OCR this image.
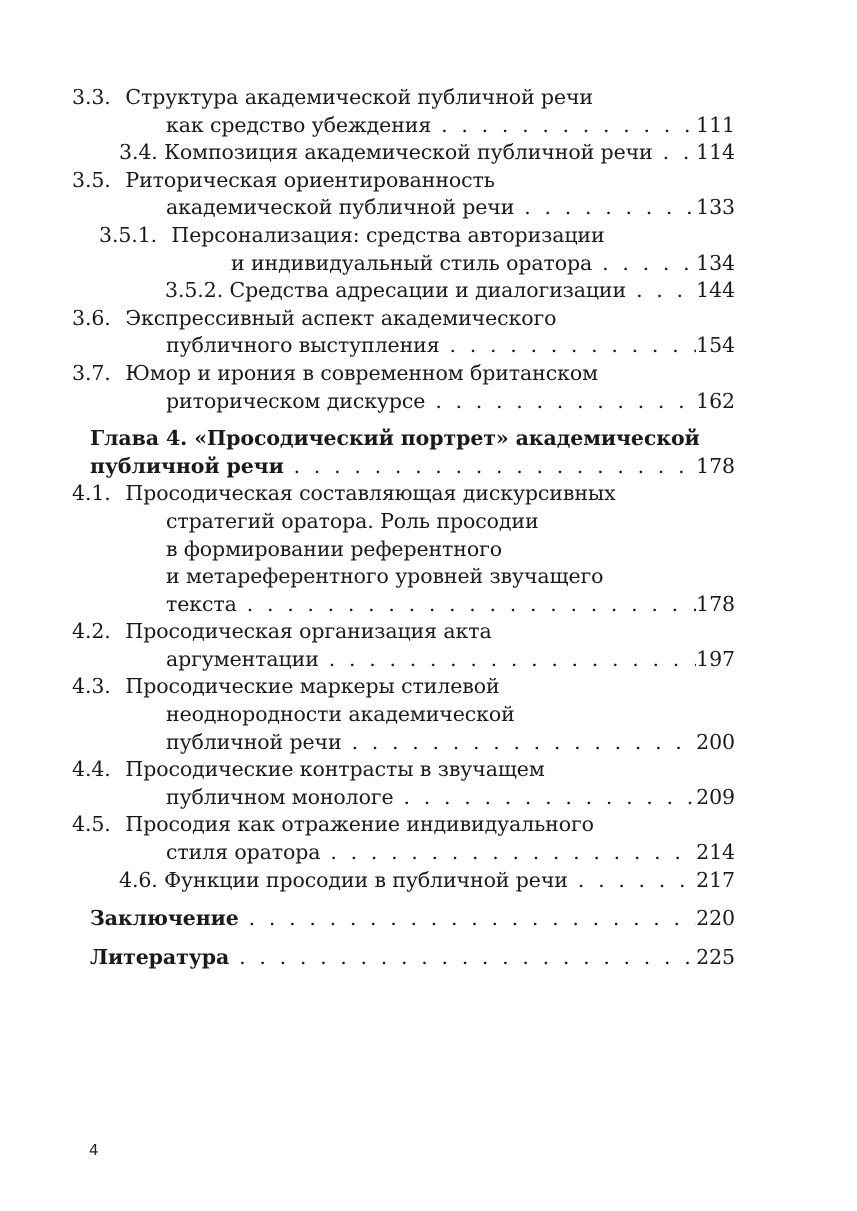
3.3. Структура академической публичной речи
как средство убеждения . . .	111
3.4. Композиция академической публичной речи . . . 114
3.5. Риторическая ориентированность
академической публичной речи . . .	133
3.5.1. Персонализация: средства авторизации
и индивидуальный стиль оратора . . .	134
3.5.2. Средства адресации и диалогизации . . .	144
3.6. Экспрессивный аспект академического
публичного выступления . . .	154
3.7. Юмор и ирония в современном британском
риторическом дискурсе . . .	162
Глава 4. «Просодический портрет» академической
публичной речи . . .	178
4.1. Просодическая составляющая дискурсивных
стратегий оратора. Роль просодии
в формировании референтного
и метареферентного уровней звучащего
текста . . .	178
4.2. Просодическая организация акта
аргументации . . .	197
4.3. Просодические маркеры стилевой
неоднородности академической
публичной речи . . .	200
4.4. Просодические контрасты в звучащем
публичном монологе . . .	209
4.5. Просодия как отражение индивидуального
стиля оратора . . .	214
4.6. Функции просодии в публичной речи . . .	217
Заключение . . .	220
Литература . . .	225
4
